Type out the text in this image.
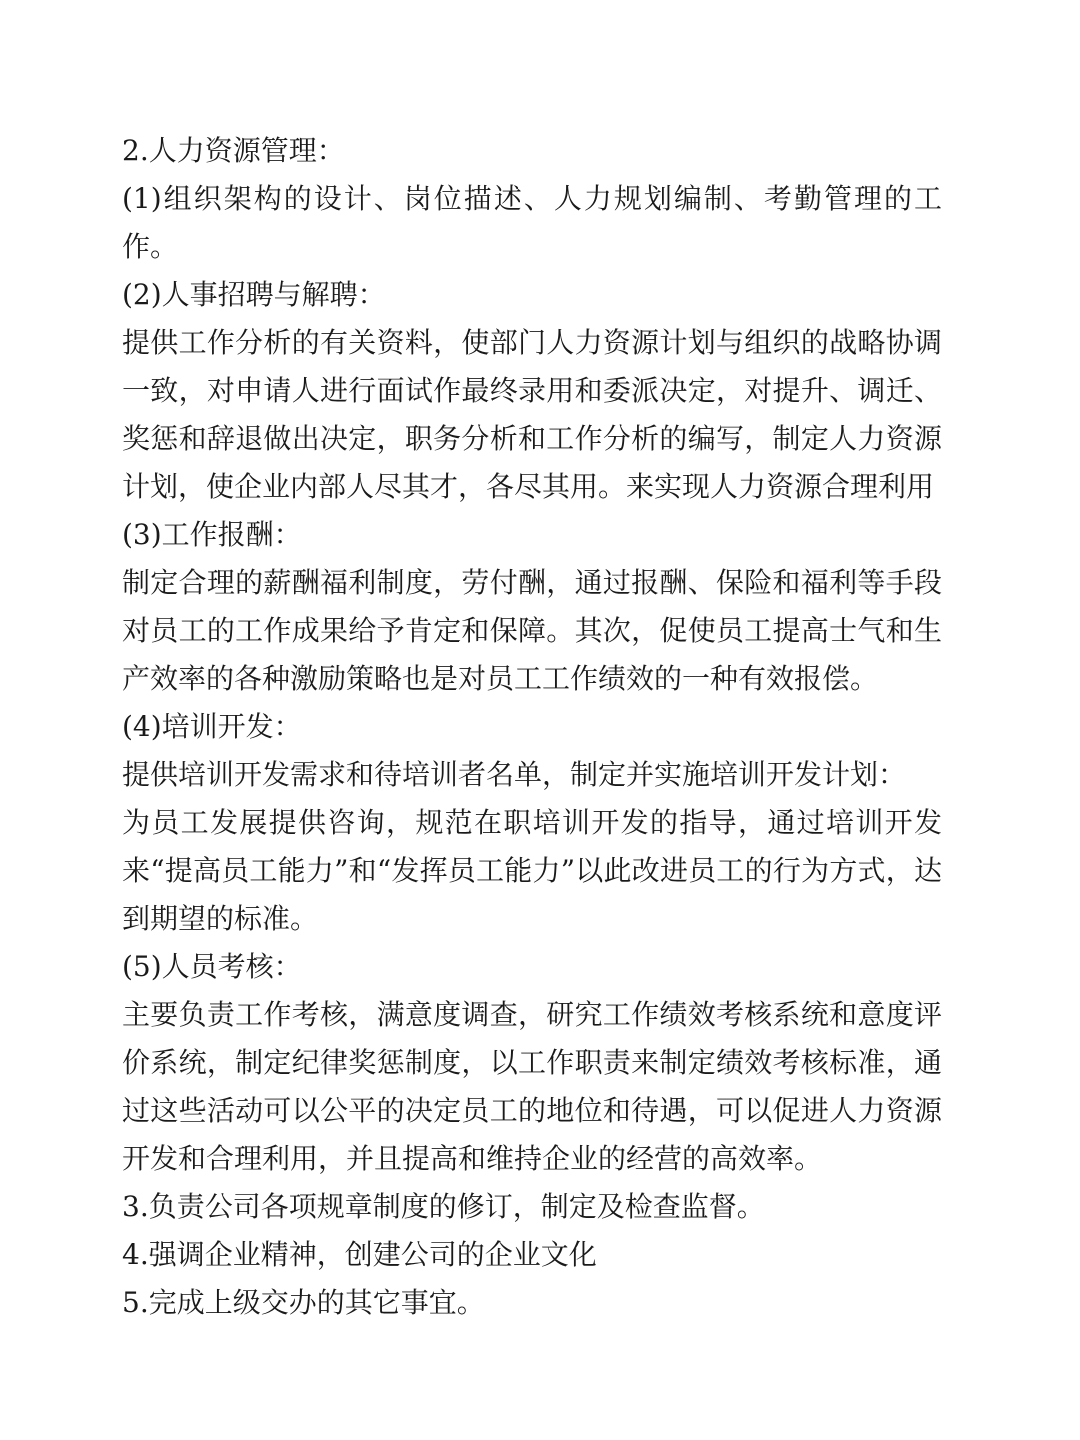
2.人力资源管理：

(1)组织架构的设计、岗位描述、人力规划编制、考勤管理的工作。

(2)人事招聘与解聘：

提供工作分析的有关资料，使部门人力资源计划与组织的战略协调一致，对申请人进行面试作最终录用和委派决定，对提升、调迁、奖惩和辞退做出决定，职务分析和工作分析的编写，制定人力资源计划，使企业内部人尽其才，各尽其用。来实现人力资源合理利用

(3)工作报酬：

制定合理的薪酬福利制度，劳付酬，通过报酬、保险和福利等手段对员工的工作成果给予肯定和保障。其次，促使员工提高士气和生产效率的各种激励策略也是对员工工作绩效的一种有效报偿。

(4)培训开发：

提供培训开发需求和待培训者名单，制定并实施培训开发计划：

为员工发展提供咨询，规范在职培训开发的指导，通过培训开发来“提高员工能力”和“发挥员工能力”以此改进员工的行为方式，达到期望的标准。

(5)人员考核：

主要负责工作考核，满意度调查，研究工作绩效考核系统和意度评价系统，制定纪律奖惩制度，以工作职责来制定绩效考核标准，通过这些活动可以公平的决定员工的地位和待遇，可以促进人力资源开发和合理利用，并且提高和维持企业的经营的高效率。

3.负责公司各项规章制度的修订，制定及检查监督。

4.强调企业精神，创建公司的企业文化

5.完成上级交办的其它事宜。
